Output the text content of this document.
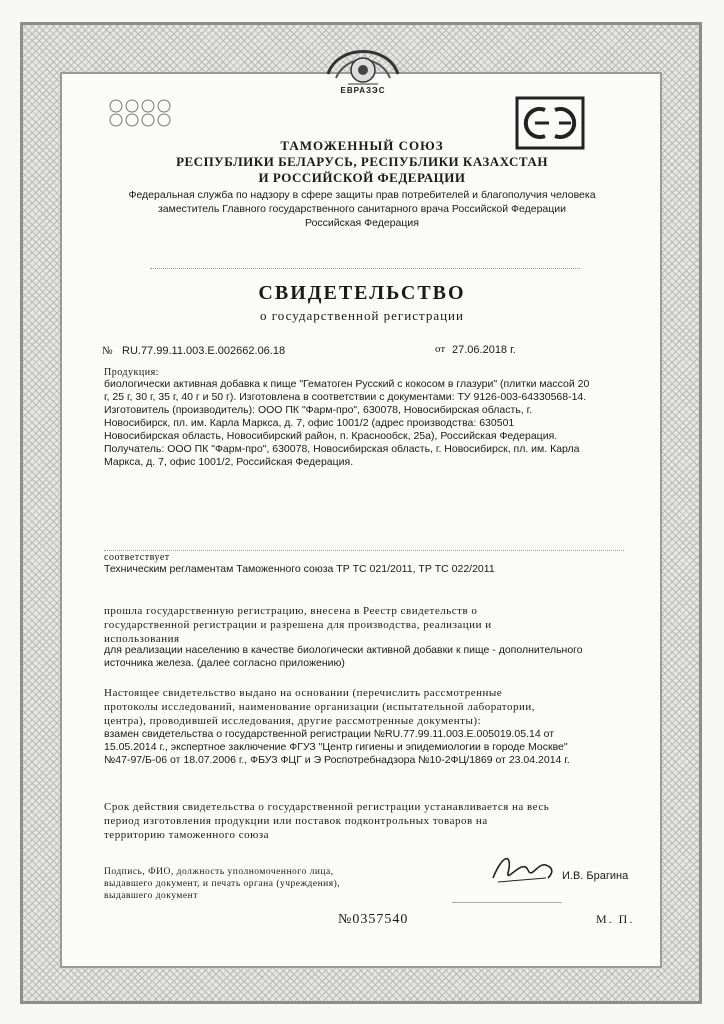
ЕВРАЗЭС
ТАМОЖЕННЫЙ СОЮЗ
РЕСПУБЛИКИ БЕЛАРУСЬ, РЕСПУБЛИКИ КАЗАХСТАН
И РОССИЙСКОЙ ФЕДЕРАЦИИ
Федеральная служба по надзору в сфере защиты прав потребителей и благополучия человека
заместитель Главного государственного санитарного врача Российской Федерации
Российская Федерация
СВИДЕТЕЛЬСТВО
о государственной регистрации
№ RU.77.99.11.003.E.002662.06.18	от 27.06.2018 г.
Продукция:
биологически активная добавка к пище "Гематоген Русский с кокосом в глазури" (плитки массой 20
г, 25 г, 30 г, 35 г, 40 г и 50 г). Изготовлена в соответствии с документами: ТУ 9126-003-64330568-14.
Изготовитель (производитель): ООО ПК "Фарм-про", 630078, Новосибирская область, г.
Новосибирск, пл. им. Карла Маркса, д. 7, офис 1001/2 (адрес производства: 630501
Новосибирская область, Новосибирский район, п. Краснообск, 25а), Российская Федерация.
Получатель: ООО ПК "Фарм-про", 630078, Новосибирская область, г. Новосибирск, пл. им. Карла
Маркса, д. 7, офис 1001/2, Российская Федерация.
соответствует
Техническим регламентам Таможенного союза ТР ТС 021/2011, ТР ТС 022/2011
прошла государственную регистрацию, внесена в Реестр свидетельств о
государственной регистрации и разрешена для производства, реализации и
использования
для реализации населению в качестве биологически активной добавки к пище - дополнительного
источника железа. (далее согласно приложению)
Настоящее свидетельство выдано на основании (перечислить рассмотренные
протоколы исследований, наименование организации (испытательной лаборатории,
центра), проводившей исследования, другие рассмотренные документы):
взамен свидетельства о государственной регистрации №RU.77.99.11.003.E.005019.05.14 от
15.05.2014 г., экспертное заключение ФГУЗ "Центр гигиены и эпидемиологии в городе Москве"
№47-97/Б-06 от 18.07.2006 г., ФБУЗ ФЦГ и Э Роспотребнадзора №10-2ФЦ/1869 от 23.04.2014 г.
Срок действия свидетельства о государственной регистрации устанавливается на весь
период изготовления продукции или поставок подконтрольных товаров на
территорию таможенного союза
Подпись, ФИО, должность уполномоченного лица,
выдавшего документ, и печать органа (учреждения),
выдавшего документ
И.В. Брагина
№0357540	М. П.
